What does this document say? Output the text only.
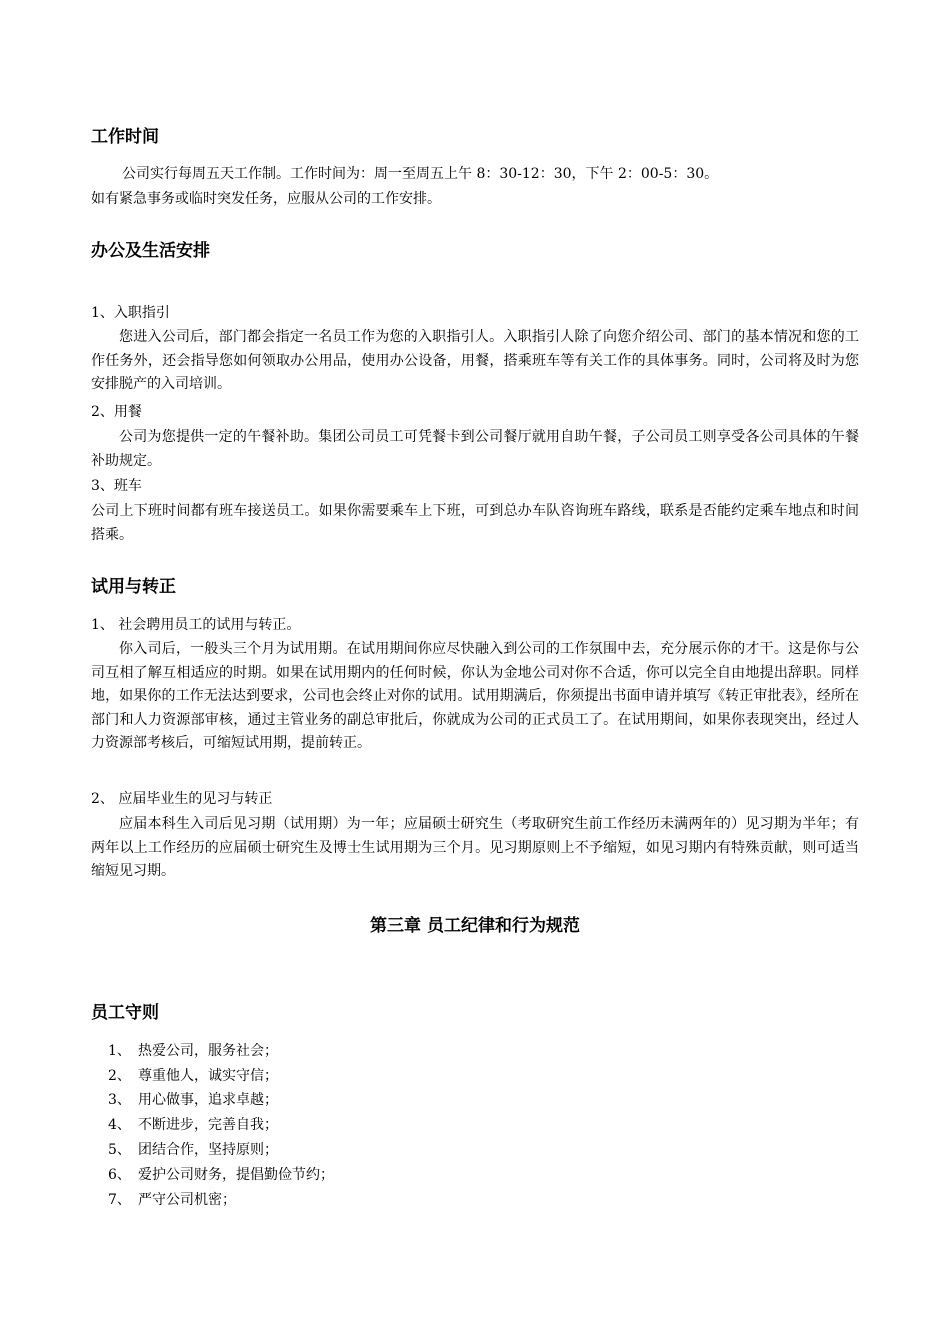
工作时间

公司实行每周五天工作制。工作时间为：周一至周五上午 8：30-12：30，下午 2：00-5：30。

如有紧急事务或临时突发任务，应服从公司的工作安排。

办公及生活安排

1、入职指引

您进入公司后，部门都会指定一名员工作为您的入职指引人。入职指引人除了向您介绍公司、部门的基本情况和您的工作任务外，还会指导您如何领取办公用品，使用办公设备，用餐，搭乘班车等有关工作的具体事务。同时，公司将及时为您安排脱产的入司培训。

2、用餐

公司为您提供一定的午餐补助。集团公司员工可凭餐卡到公司餐厅就用自助午餐，子公司员工则享受各公司具体的午餐补助规定。

3、班车

公司上下班时间都有班车接送员工。如果你需要乘车上下班，可到总办车队咨询班车路线，联系是否能约定乘车地点和时间搭乘。

试用与转正

1、 社会聘用员工的试用与转正。

你入司后，一般头三个月为试用期。在试用期间你应尽快融入到公司的工作氛围中去，充分展示你的才干。这是你与公司互相了解互相适应的时期。如果在试用期内的任何时候，你认为金地公司对你不合适，你可以完全自由地提出辞职。同样地，如果你的工作无法达到要求，公司也会终止对你的试用。试用期满后，你须提出书面申请并填写《转正审批表》，经所在部门和人力资源部审核，通过主管业务的副总审批后，你就成为公司的正式员工了。在试用期间，如果你表现突出，经过人力资源部考核后，可缩短试用期，提前转正。

2、 应届毕业生的见习与转正

应届本科生入司后见习期（试用期）为一年；应届硕士研究生（考取研究生前工作经历未满两年的）见习期为半年；有两年以上工作经历的应届硕士研究生及博士生试用期为三个月。见习期原则上不予缩短，如见习期内有特殊贡献，则可适当缩短见习期。

第三章 员工纪律和行为规范
员工守则
1、 热爱公司，服务社会；
2、 尊重他人，诚实守信；
3、 用心做事，追求卓越；
4、 不断进步，完善自我；
5、 团结合作，坚持原则；
6、 爱护公司财务，提倡勤俭节约；
7、 严守公司机密；
